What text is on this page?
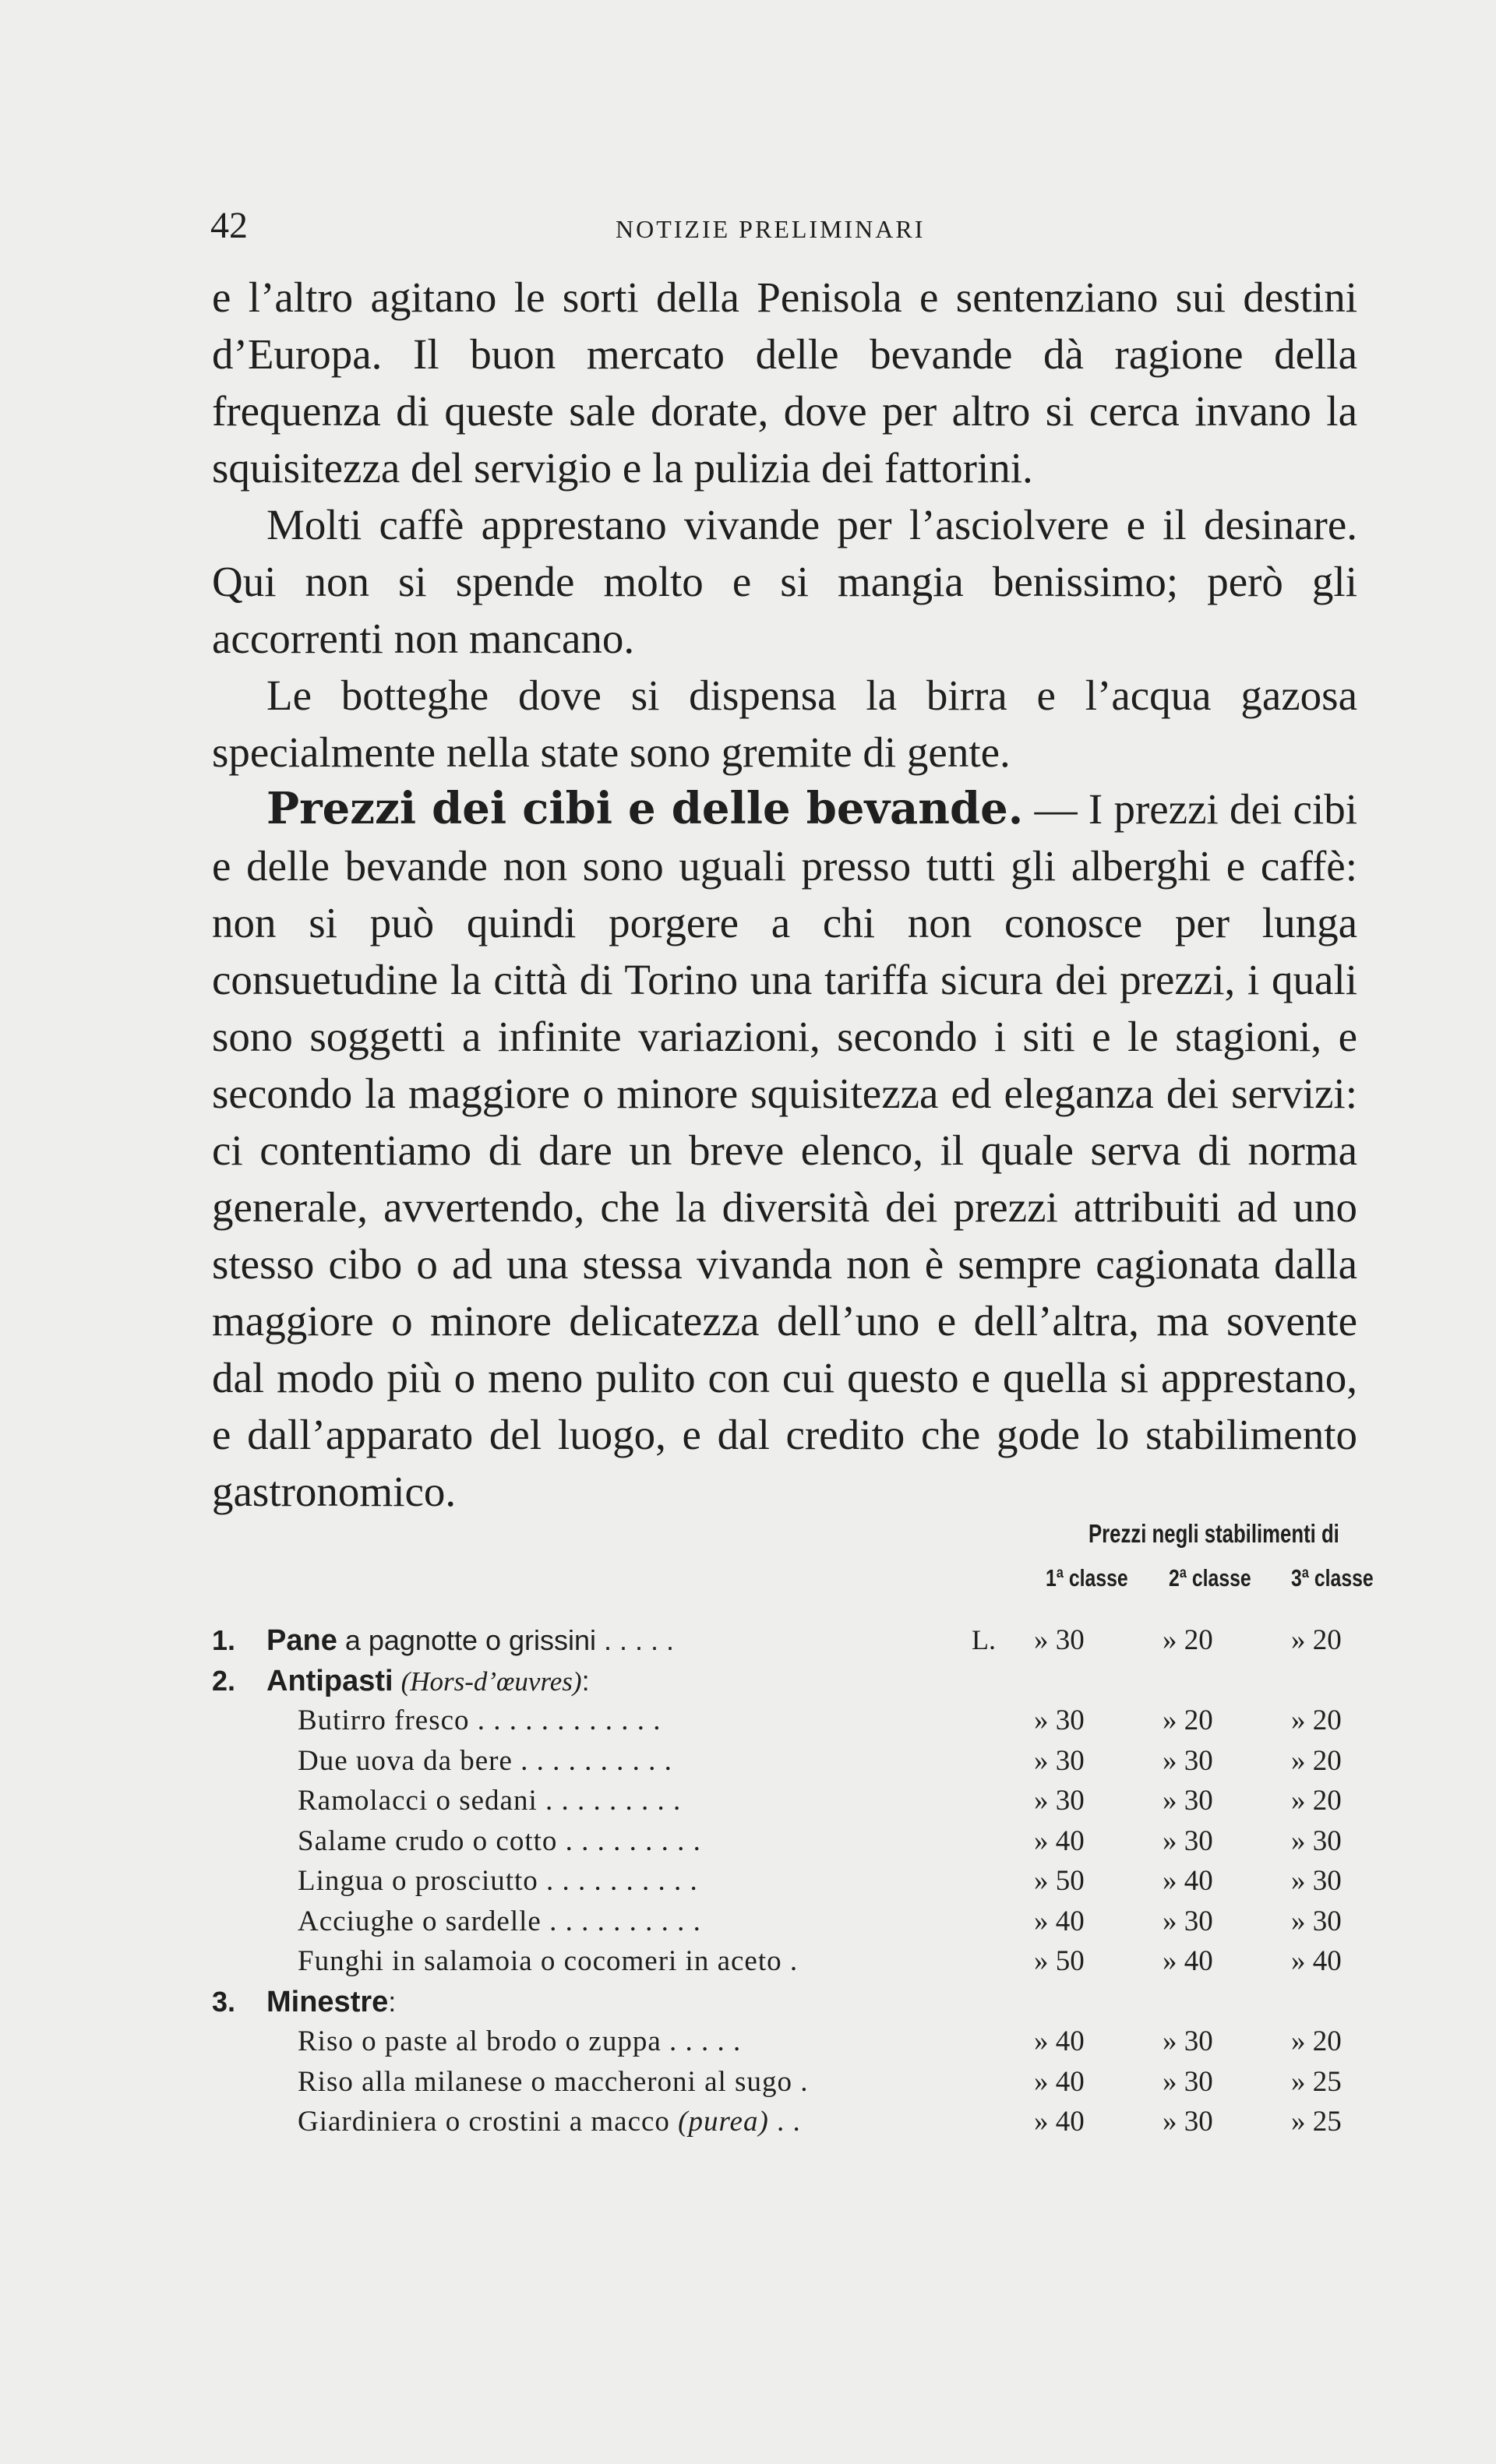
42	NOTIZIE PRELIMINARI

e l’altro agitano le sorti della Penisola e sentenziano sui destini d’Europa. Il buon mercato delle bevande dà ragione della frequenza di queste sale dorate, dove per altro si cerca invano la squisitezza del servigio e la pulizia dei fattorini.

Molti caffè apprestano vivande per l’asciolvere e il desinare. Qui non si spende molto e si mangia benissimo; però gli accorrenti non mancano.

Le botteghe dove si dispensa la birra e l’acqua gazosa specialmente nella state sono gremite di gente.

Prezzi dei cibi e delle bevande. — I prezzi dei cibi e delle bevande non sono uguali presso tutti gli alberghi e caffè: non si può quindi porgere a chi non conosce per lunga consuetudine la città di Torino una tariffa sicura dei prezzi, i quali sono soggetti a infinite variazioni, secondo i siti e le stagioni, e secondo la maggiore o minore squisitezza ed eleganza dei servizi: ci contentiamo di dare un breve elenco, il quale serva di norma generale, avvertendo, che la diversità dei prezzi attribuiti ad uno stesso cibo o ad una stessa vivanda non è sempre cagionata dalla maggiore o minore delicatezza dell’uno e dell’altra, ma sovente dal modo più o meno pulito con cui questo e quella si apprestano, e dall’apparato del luogo, e dal credito che gode lo stabilimento gastronomico.

Prezzi negli stabilimenti di
1ª classe 2ª classe 3ª classe
1. Pane a pagnotte o grissini . . . . .	L. » 30	» 20	» 20
2. Antipasti (Hors-d’œuvres):
Butirro fresco . . . . . . . . . . . .	» 30	» 20	» 20
Due uova da bere . . . . . . . . . .	» 30	» 30	» 20
Ramolacci o sedani . . . . . . . . .	» 30	» 30	» 20
Salame crudo o cotto . . . . . . . . .	» 40	» 30	» 30
Lingua o prosciutto . . . . . . . . . .	» 50	» 40	» 30
Acciughe o sardelle . . . . . . . . . .	» 40	» 30	» 30
Funghi in salamoia o cocomeri in aceto .	» 50	» 40	» 40
3. Minestre:
Riso o paste al brodo o zuppa . . . . .	» 40	» 30	» 20
Riso alla milanese o maccheroni al sugo .	» 40	» 30	» 25
Giardiniera o crostini a macco (purea) . .	» 40	» 30	» 25
